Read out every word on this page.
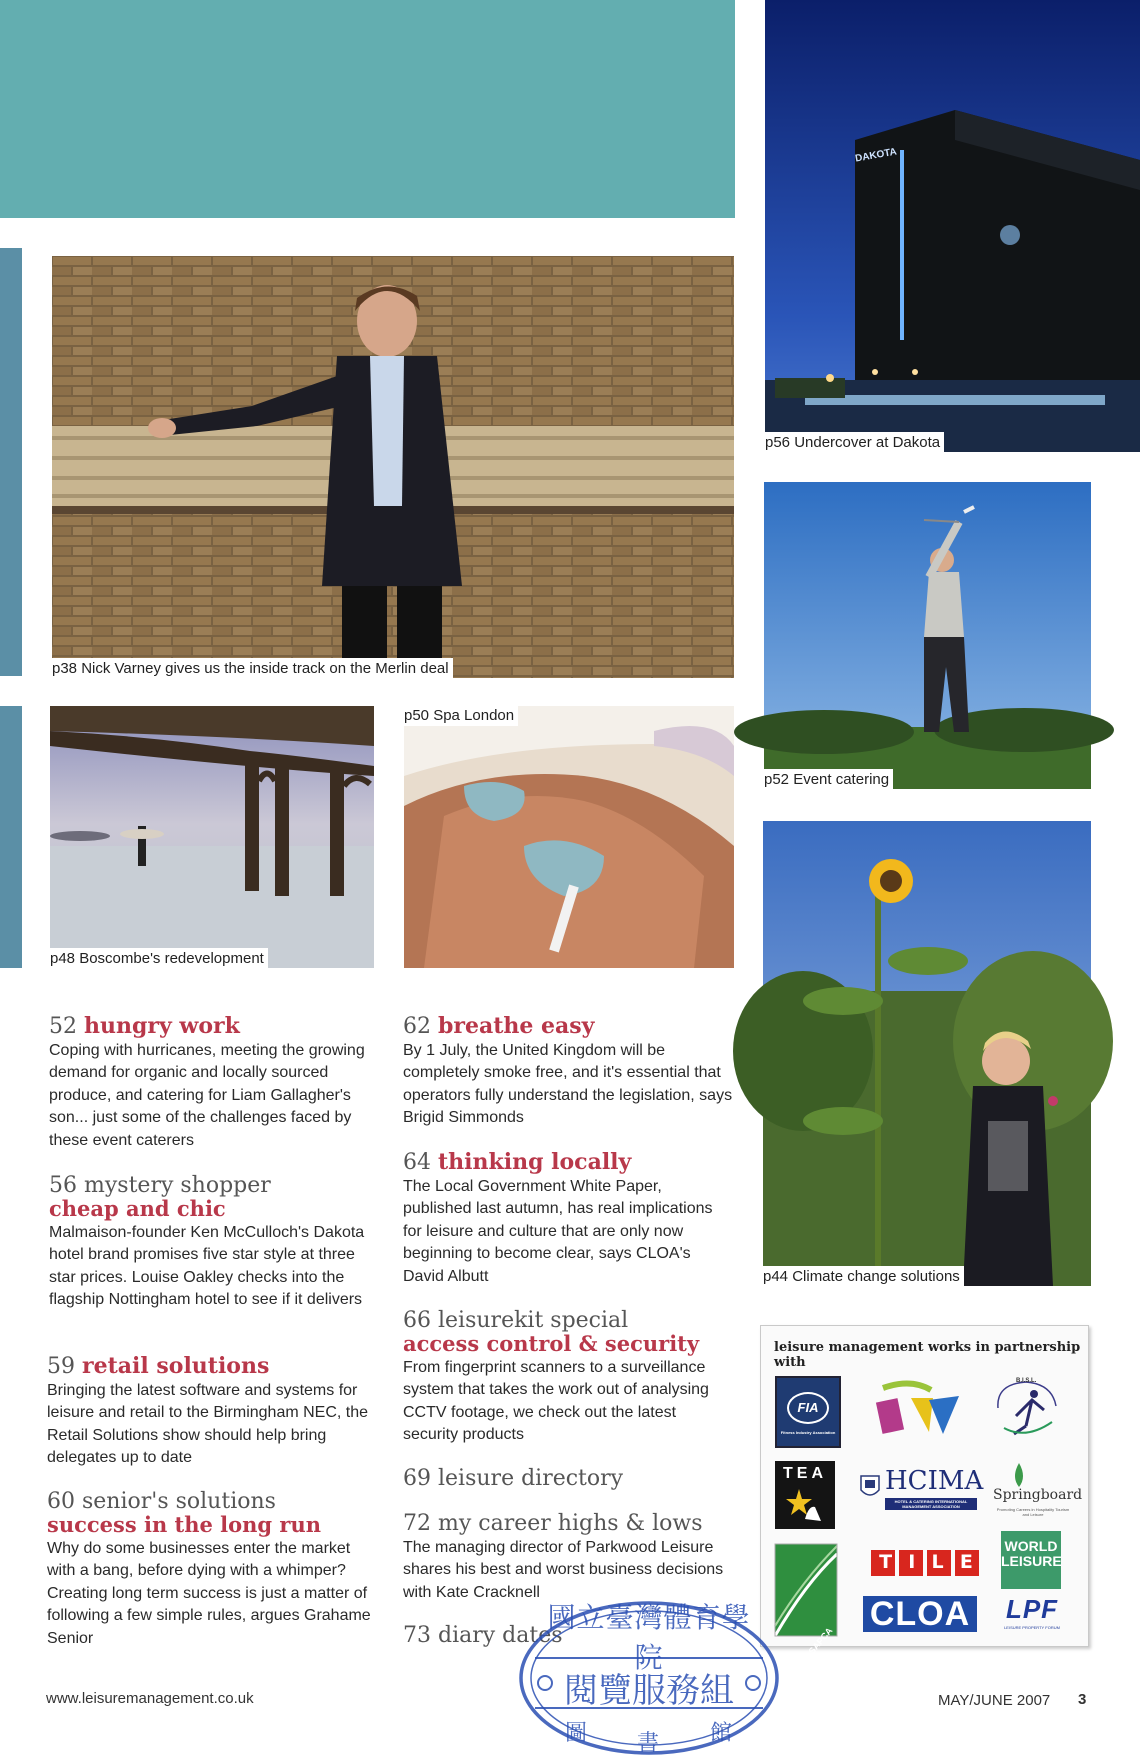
DAKOTA
p56 Undercover at Dakota
p38 Nick Varney gives us the inside track on the Merlin deal
p52 Event catering
p48 Boscombe's redevelopment
p50 Spa London
p44 Climate change solutions
52 hungry work
Coping with hurricanes, meeting the growing demand for organic and locally sourced produce, and catering for Liam Gallagher's son... just some of the challenges faced by these event caterers
56 mystery shopper
cheap and chic
Malmaison-founder Ken McCulloch's Dakota hotel brand promises five star style at three star prices. Louise Oakley checks into the flagship Nottingham hotel to see if it delivers
59 retail solutions
Bringing the latest software and systems for leisure and retail to the Birmingham NEC, the Retail Solutions show should help bring delegates up to date
60 senior's solutions
success in the long run
Why do some businesses enter the market with a bang, before dying with a whimper? Creating long term success is just a matter of following a few simple rules, argues Grahame Senior
62 breathe easy
By 1 July, the United Kingdom will be completely smoke free, and it's essential that operators fully understand the legislation, says Brigid Simmonds
64 thinking locally
The Local Government White Paper, published last autumn, has real implications for leisure and culture that are only now beginning to become clear, says CLOA's David Albutt
66 leisurekit special
access control & security
From fingerprint scanners to a surveillance system that takes the work out of analysing CCTV footage, we check out the latest security products
69 leisure directory
72 my career highs & lows
The managing director of Parkwood Leisure shares his best and worst business decisions with Kate Cracknell
73 diary dates
leisure management works in partnership with
FIA
Fitness Industry Association
B.I.S.L.
TEA	HCIMA
HOTEL & CATERING INTERNATIONAL MANAGEMENT ASSOCIATION
Springboard
Promoting Careers in Hospitality Tourism and Leisure
SAPCA
T I L E
WORLD
LEISURE
CLOA	LPF
LEISURE PROPERTY FORUM
國立臺灣體育學院
閱覽服務組
圖 書 館
www.leisuremanagement.co.uk	MAY/JUNE 2007 3
